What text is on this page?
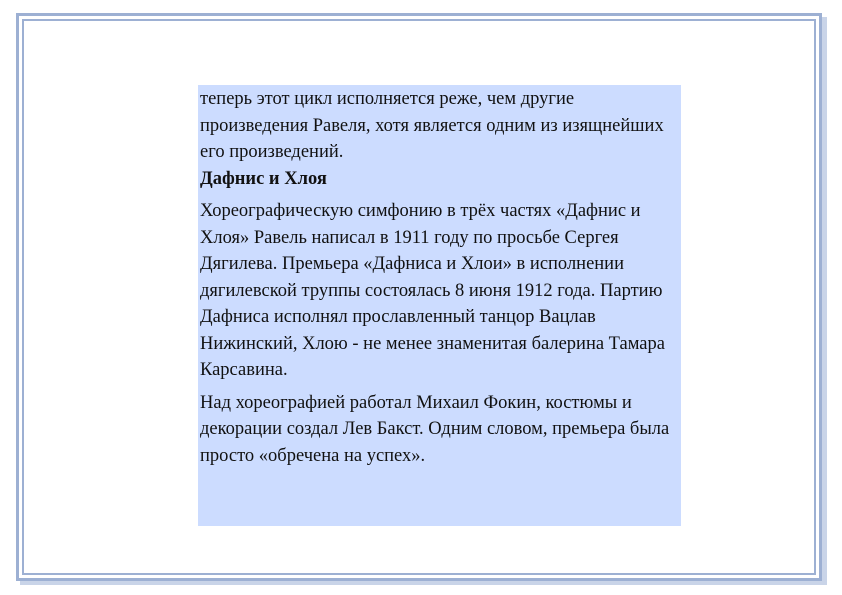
теперь этот цикл исполняется реже, чем другие произведения Равеля, хотя является одним из изящнейших его произведений.

Дафнис и Хлоя

Хореографическую симфонию в трёх частях «Дафнис и Хлоя» Равель написал в 1911 году по просьбе Сергея Дягилева. Премьера «Дафниса и Хлои» в исполнении дягилевской труппы состоялась 8 июня 1912 года. Партию Дафниса исполнял прославленный танцор Вацлав Нижинский, Хлою - не менее знаменитая балерина Тамара Карсавина.

Над хореографией работал Михаил Фокин, костюмы и декорации создал Лев Бакст. Одним словом, премьера была просто «обречена на успех».
